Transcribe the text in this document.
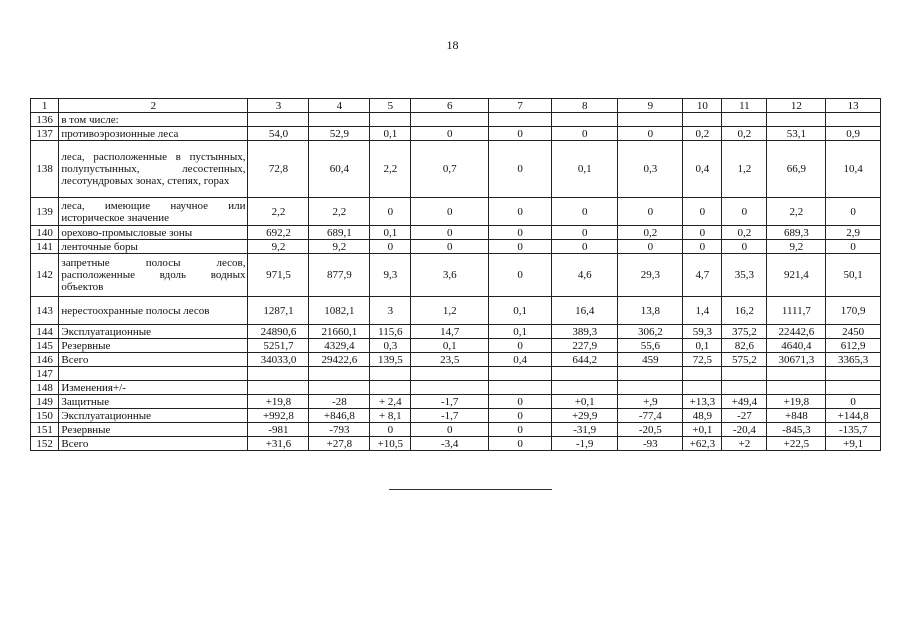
18
1	2	3	4	5	6	7	8	9	10	11	12	13
136	в том числе:											
137	противоэрозионные леса	54,0	52,9	0,1	0	0	0	0	0,2	0,2	53,1	0,9
138	леса, расположенные в пустынных, полупустынных, лесостепных, лесотундровых зонах, степях, горах	72,8	60,4	2,2	0,7	0	0,1	0,3	0,4	1,2	66,9	10,4
139	леса, имеющие научное или историческое значение	2,2	2,2	0	0	0	0	0	0	0	2,2	0
140	орехово-промысловые зоны	692,2	689,1	0,1	0	0	0	0,2	0	0,2	689,3	2,9
141	ленточные боры	9,2	9,2	0	0	0	0	0	0	0	9,2	0
142	запретные полосы лесов, расположенные вдоль водных объектов	971,5	877,9	9,3	3,6	0	4,6	29,3	4,7	35,3	921,4	50,1
143	нерестоохранные полосы лесов	1287,1	1082,1	3	1,2	0,1	16,4	13,8	1,4	16,2	1111,7	170,9
144	Эксплуатационные	24890,6	21660,1	115,6	14,7	0,1	389,3	306,2	59,3	375,2	22442,6	2450
145	Резервные	5251,7	4329,4	0,3	0,1	0	227,9	55,6	0,1	82,6	4640,4	612,9
146	Всего	34033,0	29422,6	139,5	23,5	0,4	644,2	459	72,5	575,2	30671,3	3365,3
147												
148	Изменения+/-											
149	Защитные	+19,8	-28	+ 2,4	-1,7	0	+0,1	+,9	+13,3	+49,4	+19,8	0
150	Эксплуатационные	+992,8	+846,8	+ 8,1	-1,7	0	+29,9	-77,4	48,9	-27	+848	+144,8
151	Резервные	-981	-793	0	0	0	-31,9	-20,5	+0,1	-20,4	-845,3	-135,7
152	Всего	+31,6	+27,8	+10,5	-3,4	0	-1,9	-93	+62,3	+2	+22,5	+9,1
